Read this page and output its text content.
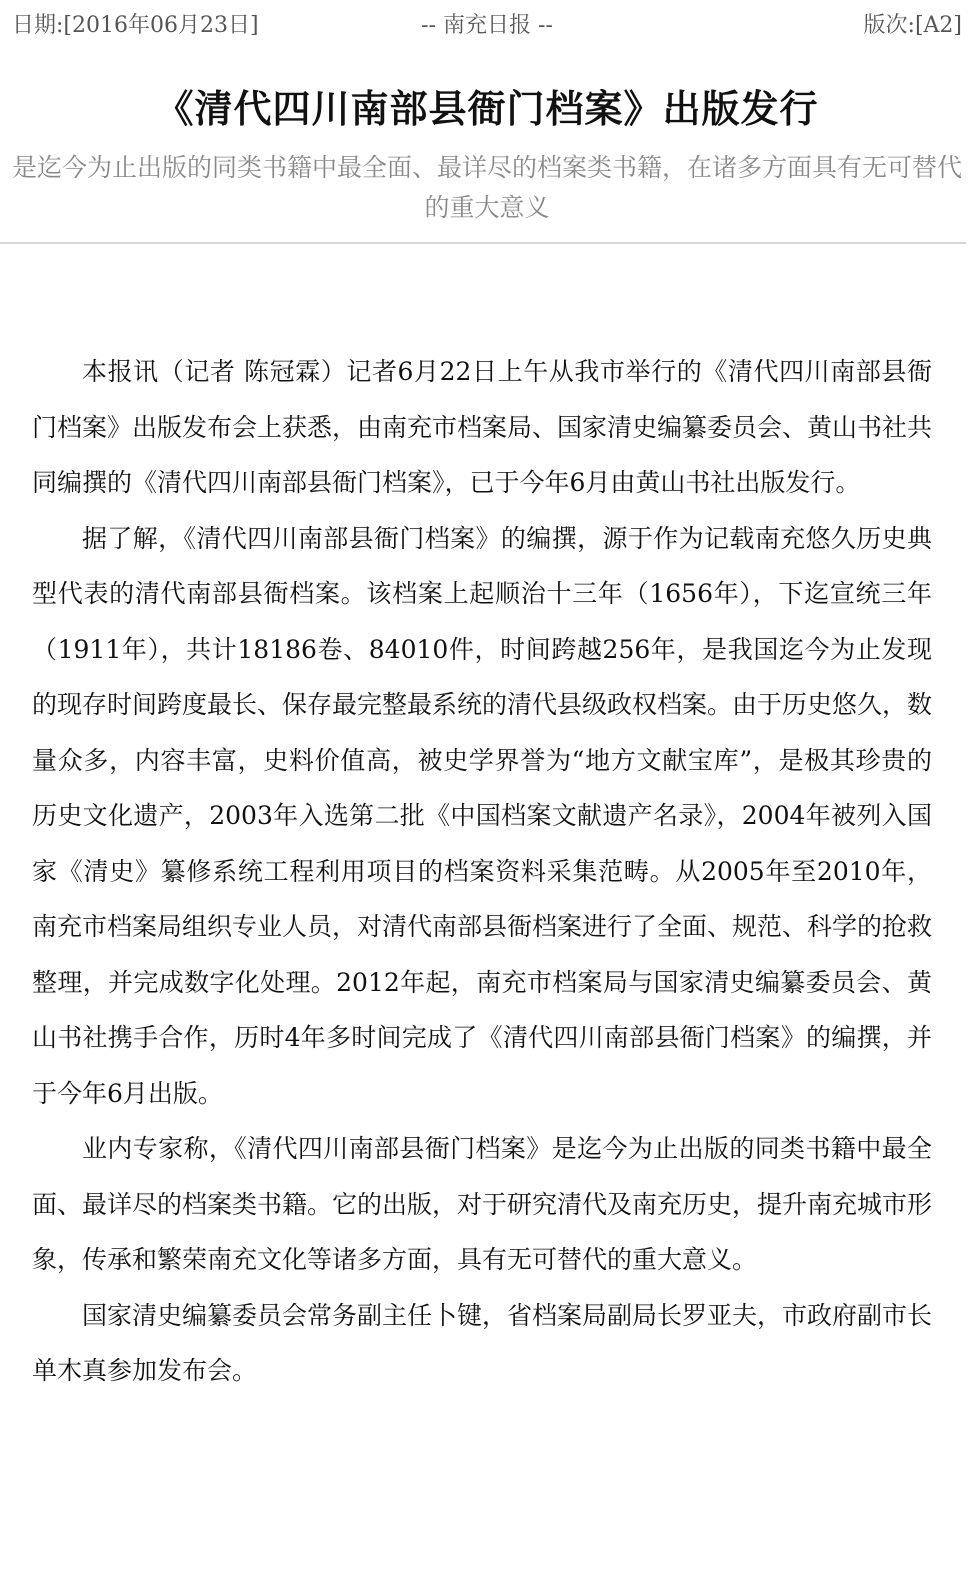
日期:[2016年06月23日]	-- 南充日报 --	版次:[A2]
《清代四川南部县衙门档案》出版发行
是迄今为止出版的同类书籍中最全面、最详尽的档案类书籍，在诸多方面具有无可替代的重大意义

本报讯（记者 陈冠霖）记者6月22日上午从我市举行的《清代四川南部县衙门档案》出版发布会上获悉，由南充市档案局、国家清史编纂委员会、黄山书社共同编撰的《清代四川南部县衙门档案》，已于今年6月由黄山书社出版发行。

据了解，《清代四川南部县衙门档案》的编撰，源于作为记载南充悠久历史典型代表的清代南部县衙档案。该档案上起顺治十三年（1656年），下迄宣统三年（1911年），共计18186卷、84010件，时间跨越256年，是我国迄今为止发现的现存时间跨度最长、保存最完整最系统的清代县级政权档案。由于历史悠久，数量众多，内容丰富，史料价值高，被史学界誉为“地方文献宝库”，是极其珍贵的历史文化遗产，2003年入选第二批《中国档案文献遗产名录》，2004年被列入国家《清史》纂修系统工程利用项目的档案资料采集范畴。从2005年至2010年，南充市档案局组织专业人员，对清代南部县衙档案进行了全面、规范、科学的抢救整理，并完成数字化处理。2012年起，南充市档案局与国家清史编纂委员会、黄山书社携手合作，历时4年多时间完成了《清代四川南部县衙门档案》的编撰，并于今年6月出版。

业内专家称，《清代四川南部县衙门档案》是迄今为止出版的同类书籍中最全面、最详尽的档案类书籍。它的出版，对于研究清代及南充历史，提升南充城市形象，传承和繁荣南充文化等诸多方面，具有无可替代的重大意义。

国家清史编纂委员会常务副主任卜键，省档案局副局长罗亚夫，市政府副市长单木真参加发布会。
